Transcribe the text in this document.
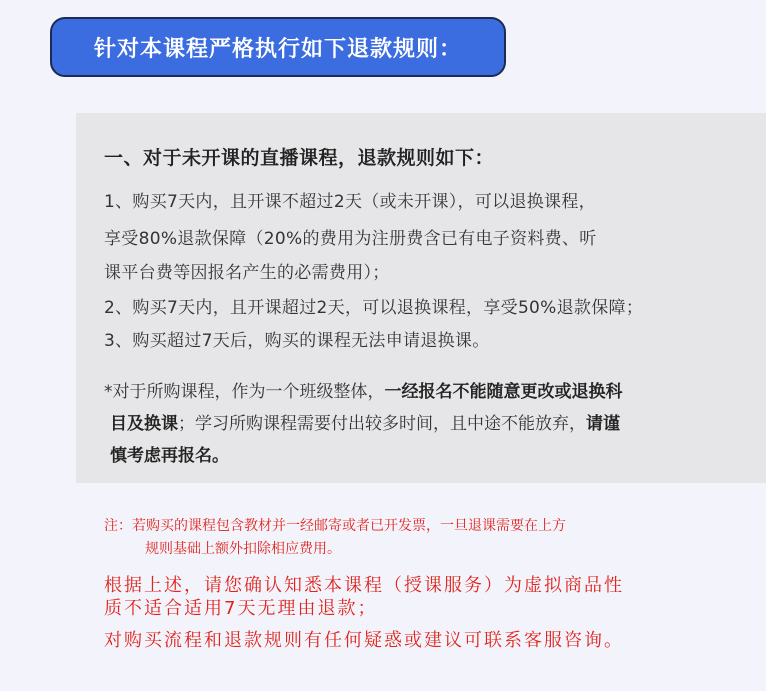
针对本课程严格执行如下退款规则：
一、对于未开课的直播课程，退款规则如下：
1、购买7天内，且开课不超过2天（或未开课），可以退换课程，
享受80%退款保障（20%的费用为注册费含已有电子资料费、听
课平台费等因报名产生的必需费用）；
2、购买7天内，且开课超过2天，可以退换课程，享受50%退款保障；
3、购买超过7天后，购买的课程无法申请退换课。
*对于所购课程，作为一个班级整体，一经报名不能随意更改或退换科
目及换课；学习所购课程需要付出较多时间，且中途不能放弃，请谨
慎考虑再报名。
注：若购买的课程包含教材并一经邮寄或者已开发票，一旦退课需要在上方
规则基础上额外扣除相应费用。
根据上述，请您确认知悉本课程（授课服务）为虚拟商品性
质不适合适用7天无理由退款；
对购买流程和退款规则有任何疑惑或建议可联系客服咨询。
